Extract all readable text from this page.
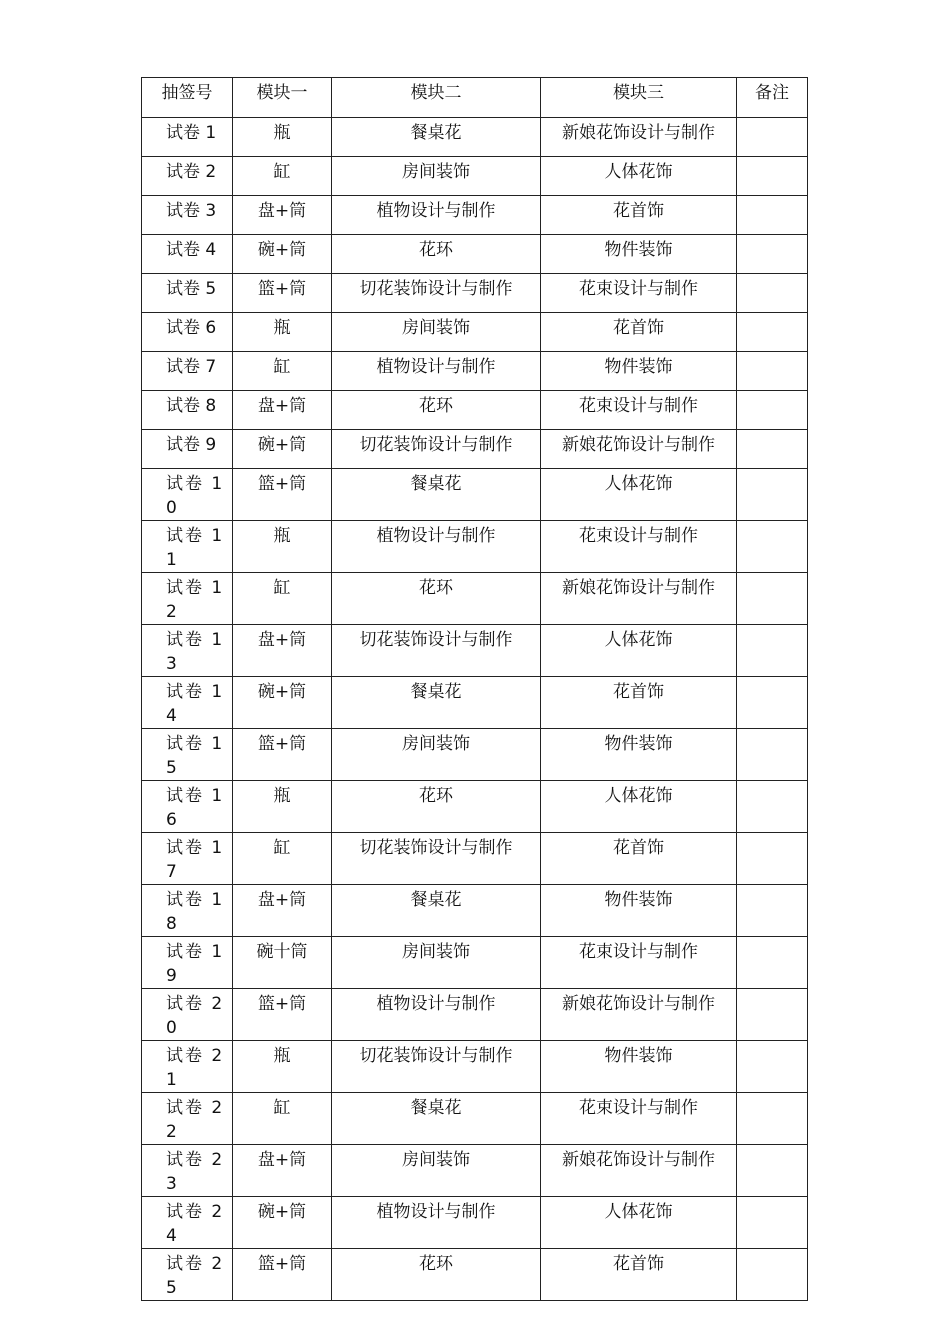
抽签号	模块一	模块二	模块三	备注

试卷 1	瓶	餐桌花	新娘花饰设计与制作	

试卷 2	缸	房间装饰	人体花饰	

试卷 3	盘+筒	植物设计与制作	花首饰	

试卷 4	碗+筒	花环	物件装饰	

试卷 5	篮+筒	切花装饰设计与制作	花束设计与制作	

试卷 6	瓶	房间装饰	花首饰	

试卷 7	缸	植物设计与制作	物件装饰	

试卷 8	盘+筒	花环	花束设计与制作	

试卷 9	碗+筒	切花装饰设计与制作	新娘花饰设计与制作	

试卷 10	篮+筒	餐桌花	人体花饰	

试卷 11	瓶	植物设计与制作	花束设计与制作	

试卷 12	缸	花环	新娘花饰设计与制作	

试卷 13	盘+筒	切花装饰设计与制作	人体花饰	

试卷 14	碗+筒	餐桌花	花首饰	

试卷 15	篮+筒	房间装饰	物件装饰	

试卷 16	瓶	花环	人体花饰	

试卷 17	缸	切花装饰设计与制作	花首饰	

试卷 18	盘+筒	餐桌花	物件装饰	

试卷 19	碗十筒	房间装饰	花束设计与制作	

试卷 20	篮+筒	植物设计与制作	新娘花饰设计与制作	

试卷 21	瓶	切花装饰设计与制作	物件装饰	

试卷 22	缸	餐桌花	花束设计与制作	

试卷 23	盘+筒	房间装饰	新娘花饰设计与制作	

试卷 24	碗+筒	植物设计与制作	人体花饰	

试卷 25	篮+筒	花环	花首饰	
